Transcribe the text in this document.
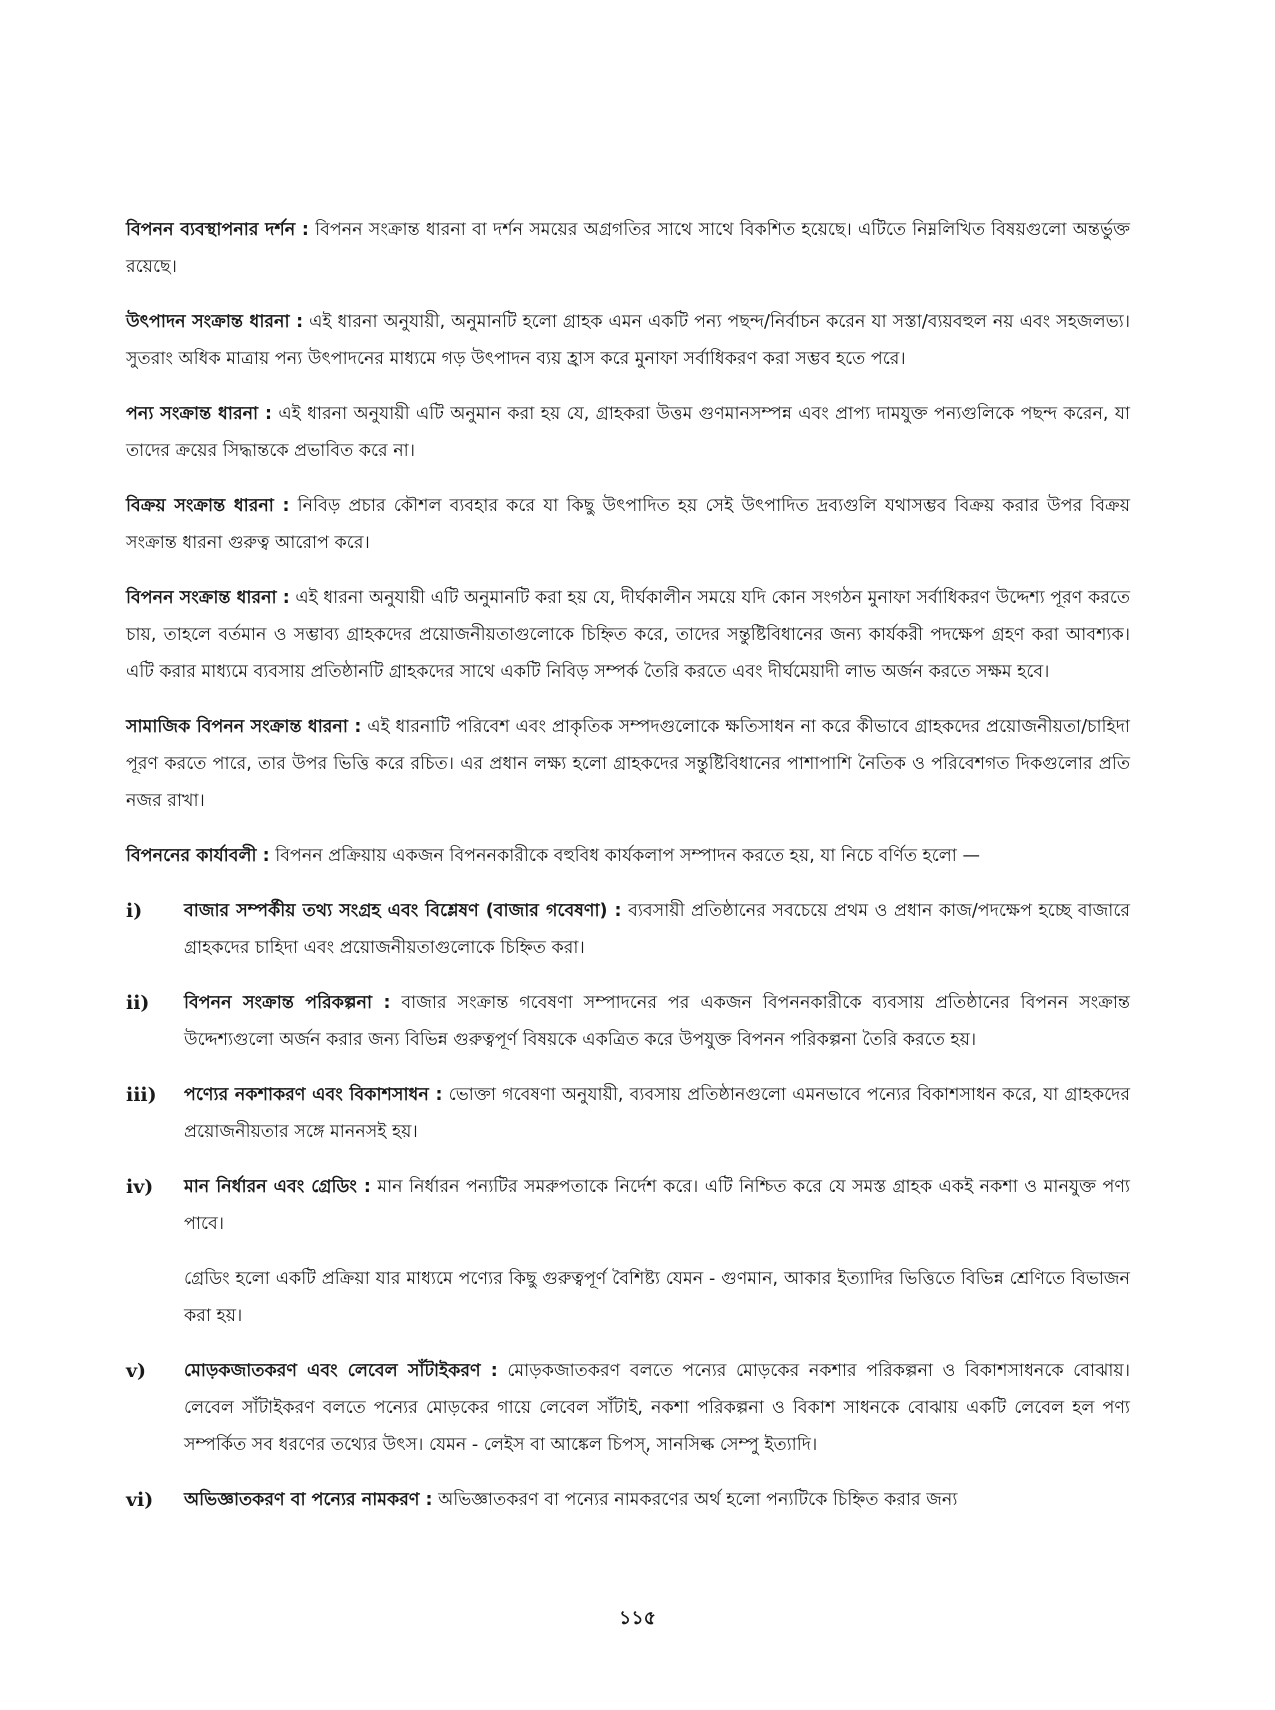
বিপনন ব্যবস্থাপনার দর্শন : বিপনন সংক্রান্ত ধারনা বা দর্শন সময়ের অগ্রগতির সাথে সাথে বিকশিত হয়েছে। এটিতে নিম্নলিখিত বিষয়গুলো অন্তর্ভুক্ত রয়েছে।

উৎপাদন সংক্রান্ত ধারনা : এই ধারনা অনুযায়ী, অনুমানটি হলো গ্রাহক এমন একটি পন্য পছন্দ/নির্বাচন করেন যা সস্তা/ব্যয়বহুল নয় এবং সহজলভ্য। সুতরাং অধিক মাত্রায় পন্য উৎপাদনের মাধ্যমে গড় উৎপাদন ব্যয় হ্রাস করে মুনাফা সর্বাধিকরণ করা সম্ভব হতে পরে।

পন্য সংক্রান্ত ধারনা : এই ধারনা অনুযায়ী এটি অনুমান করা হয় যে, গ্রাহকরা উত্তম গুণমানসম্পন্ন এবং প্রাপ্য দামযুক্ত পন্যগুলিকে পছন্দ করেন, যা তাদের ক্রয়ের সিদ্ধান্তকে প্রভাবিত করে না।

বিক্রয় সংক্রান্ত ধারনা : নিবিড় প্রচার কৌশল ব্যবহার করে যা কিছু উৎপাদিত হয় সেই উৎপাদিত দ্রব্যগুলি যথাসম্ভব বিক্রয় করার উপর বিক্রয় সংক্রান্ত ধারনা গুরুত্ব আরোপ করে।

বিপনন সংক্রান্ত ধারনা : এই ধারনা অনুযায়ী এটি অনুমানটি করা হয় যে, দীর্ঘকালীন সময়ে যদি কোন সংগঠন মুনাফা সর্বাধিকরণ উদ্দেশ্য পূরণ করতে চায়, তাহলে বর্তমান ও সম্ভাব্য গ্রাহকদের প্রয়োজনীয়তাগুলোকে চিহ্নিত করে, তাদের সন্তুষ্টিবিধানের জন্য কার্যকরী পদক্ষেপ গ্রহণ করা আবশ্যক। এটি করার মাধ্যমে ব্যবসায় প্রতিষ্ঠানটি গ্রাহকদের সাথে একটি নিবিড় সম্পর্ক তৈরি করতে এবং দীর্ঘমেয়াদী লাভ অর্জন করতে সক্ষম হবে।

সামাজিক বিপনন সংক্রান্ত ধারনা : এই ধারনাটি পরিবেশ এবং প্রাকৃতিক সম্পদগুলোকে ক্ষতিসাধন না করে কীভাবে গ্রাহকদের প্রয়োজনীয়তা/চাহিদা পূরণ করতে পারে, তার উপর ভিত্তি করে রচিত। এর প্রধান লক্ষ্য হলো গ্রাহকদের সন্তুষ্টিবিধানের পাশাপাশি নৈতিক ও পরিবেশগত দিকগুলোর প্রতি নজর রাখা।

বিপননের কার্যাবলী : বিপনন প্রক্রিয়ায় একজন বিপননকারীকে বহুবিধ কার্যকলাপ সম্পাদন করতে হয়, যা নিচে বর্ণিত হলো —

i)	বাজার সম্পর্কীয় তথ্য সংগ্রহ এবং বিশ্লেষণ (বাজার গবেষণা) : ব্যবসায়ী প্রতিষ্ঠানের সবচেয়ে প্রথম ও প্রধান কাজ/পদক্ষেপ হচ্ছে বাজারে গ্রাহকদের চাহিদা এবং প্রয়োজনীয়তাগুলোকে চিহ্নিত করা।
ii)	বিপনন সংক্রান্ত পরিকল্পনা : বাজার সংক্রান্ত গবেষণা সম্পাদনের পর একজন বিপননকারীকে ব্যবসায় প্রতিষ্ঠানের বিপনন সংক্রান্ত উদ্দেশ্যগুলো অর্জন করার জন্য বিভিন্ন গুরুত্বপূর্ণ বিষয়কে একত্রিত করে উপযুক্ত বিপনন পরিকল্পনা তৈরি করতে হয়।
iii)	পণ্যের নকশাকরণ এবং বিকাশসাধন : ভোক্তা গবেষণা অনুযায়ী, ব্যবসায় প্রতিষ্ঠানগুলো এমনভাবে পন্যের বিকাশসাধন করে, যা গ্রাহকদের প্রয়োজনীয়তার সঙ্গে মাননসই হয়।
iv)	মান নির্ধারন এবং গ্রেডিং : মান নির্ধারন পন্যটির সমরুপতাকে নির্দেশ করে। এটি নিশ্চিত করে যে সমস্ত গ্রাহক একই নকশা ও মানযুক্ত পণ্য পাবে।

গ্রেডিং হলো একটি প্রক্রিয়া যার মাধ্যমে পণ্যের কিছু গুরুত্বপূর্ণ বৈশিষ্ট্য যেমন - গুণমান, আকার ইত্যাদির ভিত্তিতে বিভিন্ন শ্রেণিতে বিভাজন করা হয়।

v)	মোড়কজাতকরণ এবং লেবেল সাঁটাইকরণ : মোড়কজাতকরণ বলতে পন্যের মোড়কের নকশার পরিকল্পনা ও বিকাশসাধনকে বোঝায়। লেবেল সাঁটাইকরণ বলতে পন্যের মোড়কের গায়ে লেবেল সাঁটাই, নকশা পরিকল্পনা ও বিকাশ সাধনকে বোঝায় একটি লেবেল হল পণ্য সম্পর্কিত সব ধরণের তথ্যের উৎস। যেমন - লেইস বা আঙ্কেল চিপস্, সানসিল্ক সেম্পু ইত্যাদি।
vi)	অভিজ্ঞাতকরণ বা পন্যের নামকরণ : অভিজ্ঞাতকরণ বা পন্যের নামকরণের অর্থ হলো পন্যটিকে চিহ্নিত করার জন্য
১১৫
